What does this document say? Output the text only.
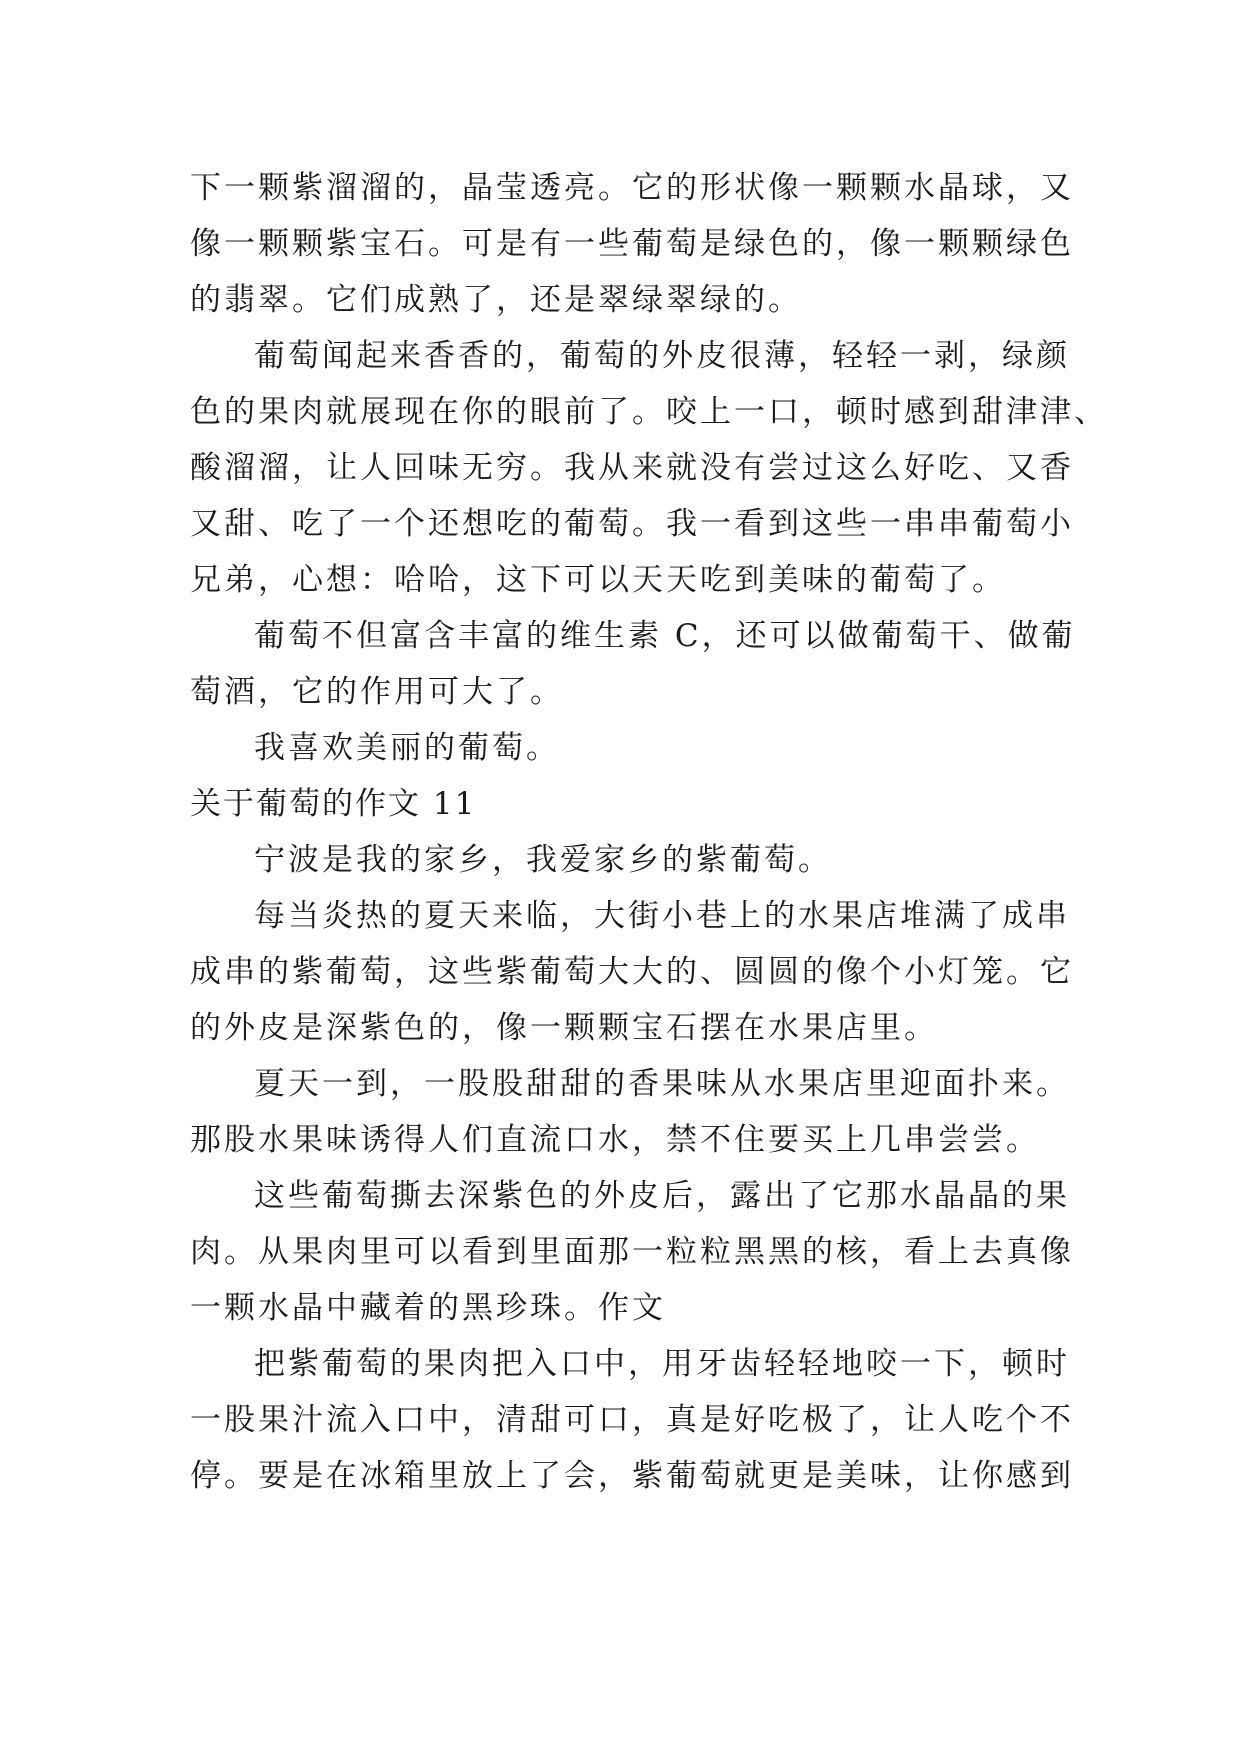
下一颗紫溜溜的，晶莹透亮。它的形状像一颗颗水晶球，又
像一颗颗紫宝石。可是有一些葡萄是绿色的，像一颗颗绿色
的翡翠。它们成熟了，还是翠绿翠绿的。
葡萄闻起来香香的，葡萄的外皮很薄，轻轻一剥，绿颜
色的果肉就展现在你的眼前了。咬上一口，顿时感到甜津津、
酸溜溜，让人回味无穷。我从来就没有尝过这么好吃、又香
又甜、吃了一个还想吃的葡萄。我一看到这些一串串葡萄小
兄弟，心想：哈哈，这下可以天天吃到美味的葡萄了。
葡萄不但富含丰富的维生素 C，还可以做葡萄干、做葡
萄酒，它的作用可大了。
我喜欢美丽的葡萄。
关于葡萄的作文 11
宁波是我的家乡，我爱家乡的紫葡萄。
每当炎热的夏天来临，大街小巷上的水果店堆满了成串
成串的紫葡萄，这些紫葡萄大大的、圆圆的像个小灯笼。它
的外皮是深紫色的，像一颗颗宝石摆在水果店里。
夏天一到，一股股甜甜的香果味从水果店里迎面扑来。
那股水果味诱得人们直流口水，禁不住要买上几串尝尝。
这些葡萄撕去深紫色的外皮后，露出了它那水晶晶的果
肉。从果肉里可以看到里面那一粒粒黑黑的核，看上去真像
一颗水晶中藏着的黑珍珠。作文
把紫葡萄的果肉把入口中，用牙齿轻轻地咬一下，顿时
一股果汁流入口中，清甜可口，真是好吃极了，让人吃个不
停。要是在冰箱里放上了会，紫葡萄就更是美味，让你感到
